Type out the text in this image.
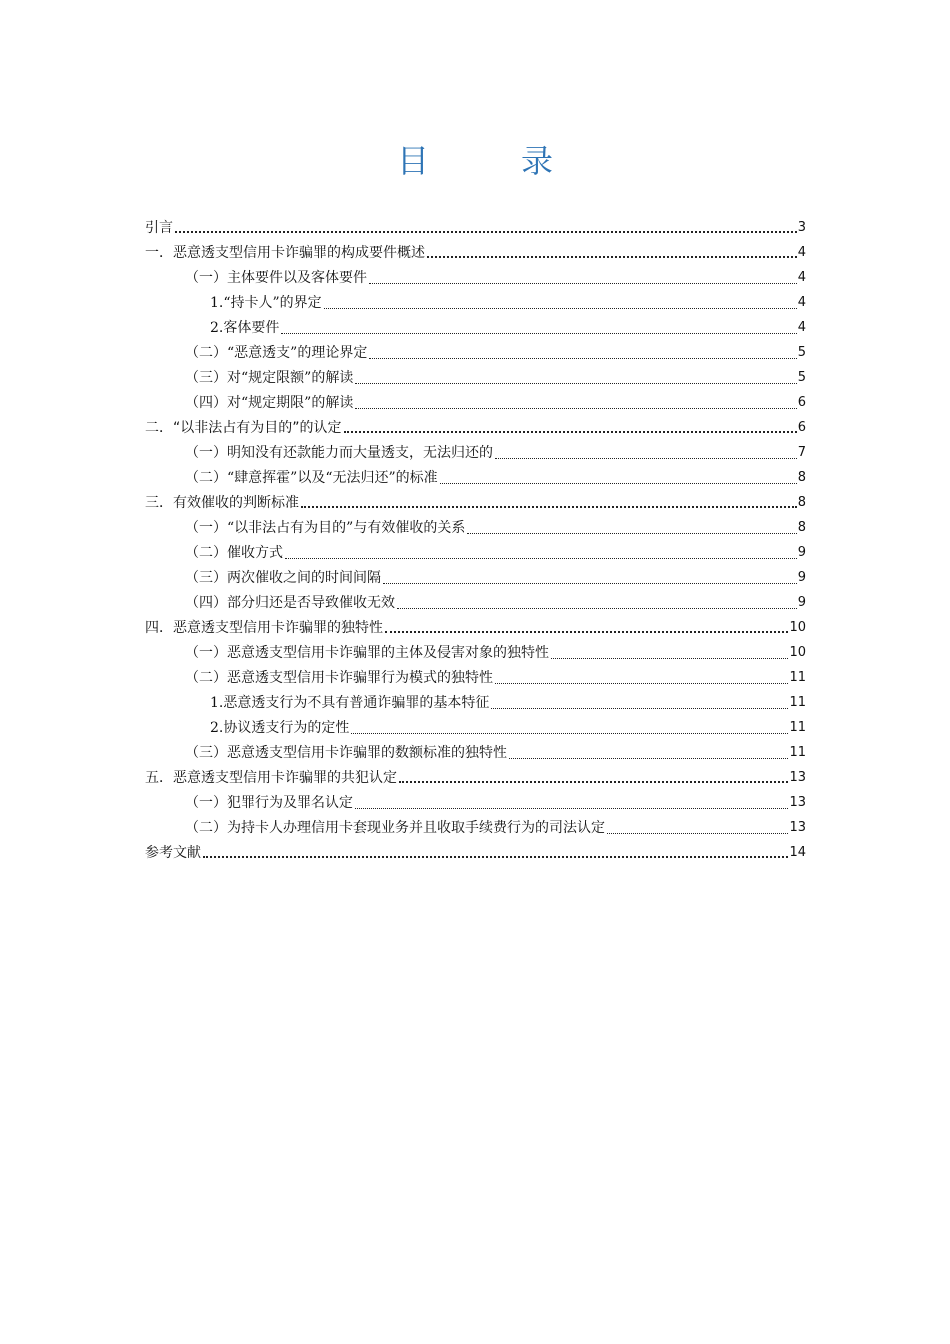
目　录
引言	3
一．恶意透支型信用卡诈骗罪的构成要件概述	4
（一）主体要件以及客体要件	4
1.“持卡人”的界定	4
2.客体要件	4
（二）“恶意透支”的理论界定	5
（三）对“规定限额”的解读	5
（四）对“规定期限”的解读	6
二．“以非法占有为目的”的认定	6
（一）明知没有还款能力而大量透支，无法归还的	7
（二）“肆意挥霍”以及“无法归还”的标准	8
三．有效催收的判断标准	8
（一）“以非法占有为目的”与有效催收的关系	8
（二）催收方式	9
（三）两次催收之间的时间间隔	9
（四）部分归还是否导致催收无效	9
四．恶意透支型信用卡诈骗罪的独特性	10
（一）恶意透支型信用卡诈骗罪的主体及侵害对象的独特性	10
（二）恶意透支型信用卡诈骗罪行为模式的独特性	11
1.恶意透支行为不具有普通诈骗罪的基本特征	11
2.协议透支行为的定性	11
（三）恶意透支型信用卡诈骗罪的数额标准的独特性	11
五．恶意透支型信用卡诈骗罪的共犯认定	13
（一）犯罪行为及罪名认定	13
（二）为持卡人办理信用卡套现业务并且收取手续费行为的司法认定	13
参考文献	14
